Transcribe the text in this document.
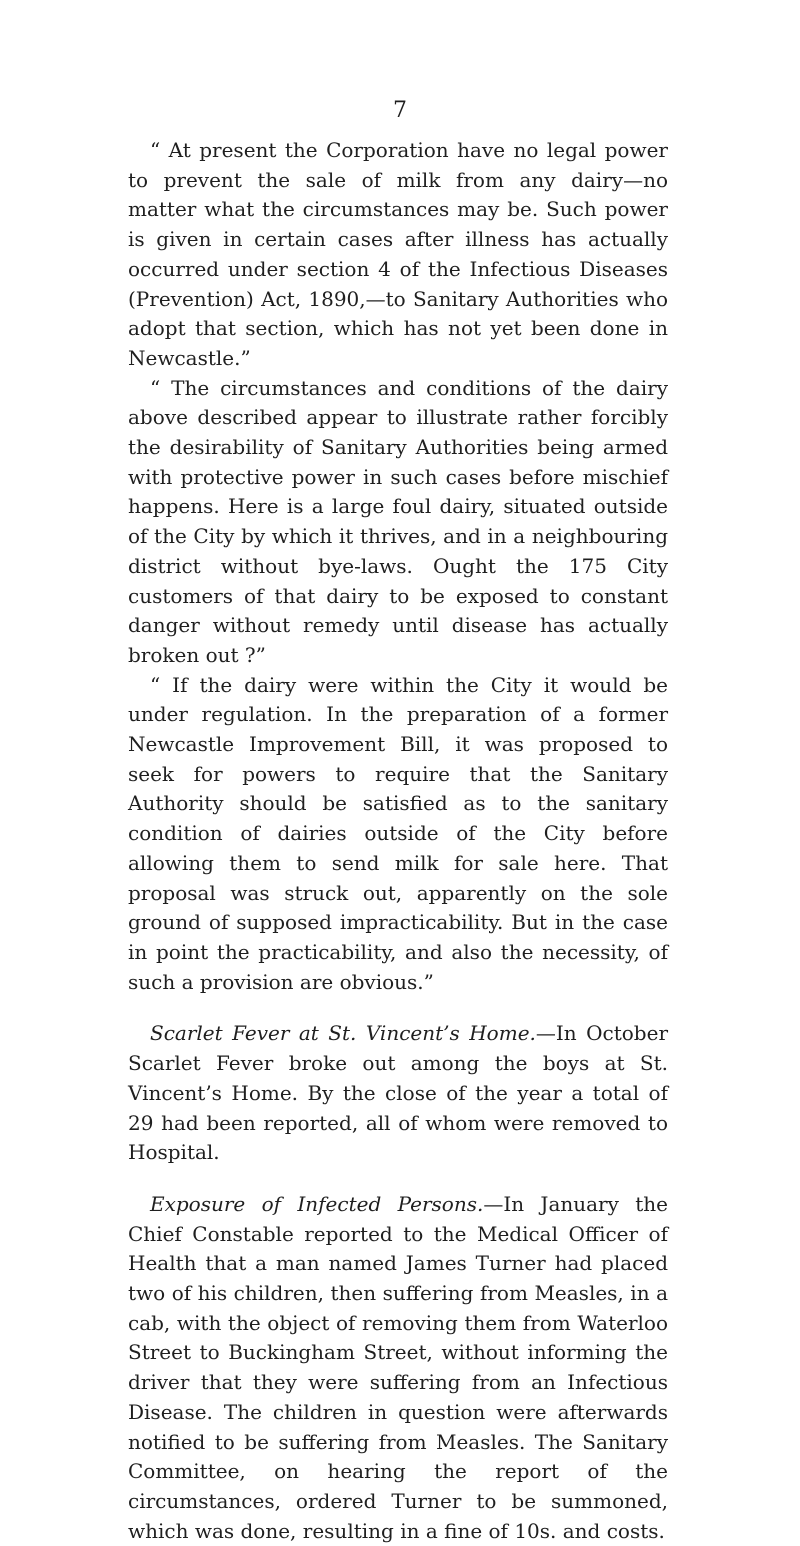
7

“ At present the Corporation have no legal power to prevent the sale of milk from any dairy—no matter what the circumstances may be. Such power is given in certain cases after illness has actually occurred under section 4 of the Infectious Diseases (Prevention) Act, 1890,—to Sanitary Authorities who adopt that section, which has not yet been done in Newcastle.”

“ The circumstances and conditions of the dairy above described appear to illustrate rather forcibly the desirability of Sanitary Authorities being armed with protective power in such cases before mischief happens. Here is a large foul dairy, situated outside of the City by which it thrives, and in a neighbouring district without bye-laws. Ought the 175 City customers of that dairy to be exposed to constant danger without remedy until disease has actually broken out ?”

“ If the dairy were within the City it would be under regulation. In the preparation of a former Newcastle Improvement Bill, it was proposed to seek for powers to require that the Sanitary Authority should be satisfied as to the sanitary condition of dairies outside of the City before allowing them to send milk for sale here. That proposal was struck out, apparently on the sole ground of supposed impracticability. But in the case in point the practicability, and also the necessity, of such a provision are obvious.”

Scarlet Fever at St. Vincent’s Home.—In October Scarlet Fever broke out among the boys at St. Vincent’s Home. By the close of the year a total of 29 had been reported, all of whom were removed to Hospital.

Exposure of Infected Persons.—In January the Chief Constable reported to the Medical Officer of Health that a man named James Turner had placed two of his children, then suffering from Measles, in a cab, with the object of removing them from Waterloo Street to Buckingham Street, without informing the driver that they were suffering from an Infectious Disease. The children in question were afterwards notified to be suffering from Measles. The Sanitary Committee, on hearing the report of the circumstances, ordered Turner to be summoned, which was done, resulting in a fine of 10s. and costs.
